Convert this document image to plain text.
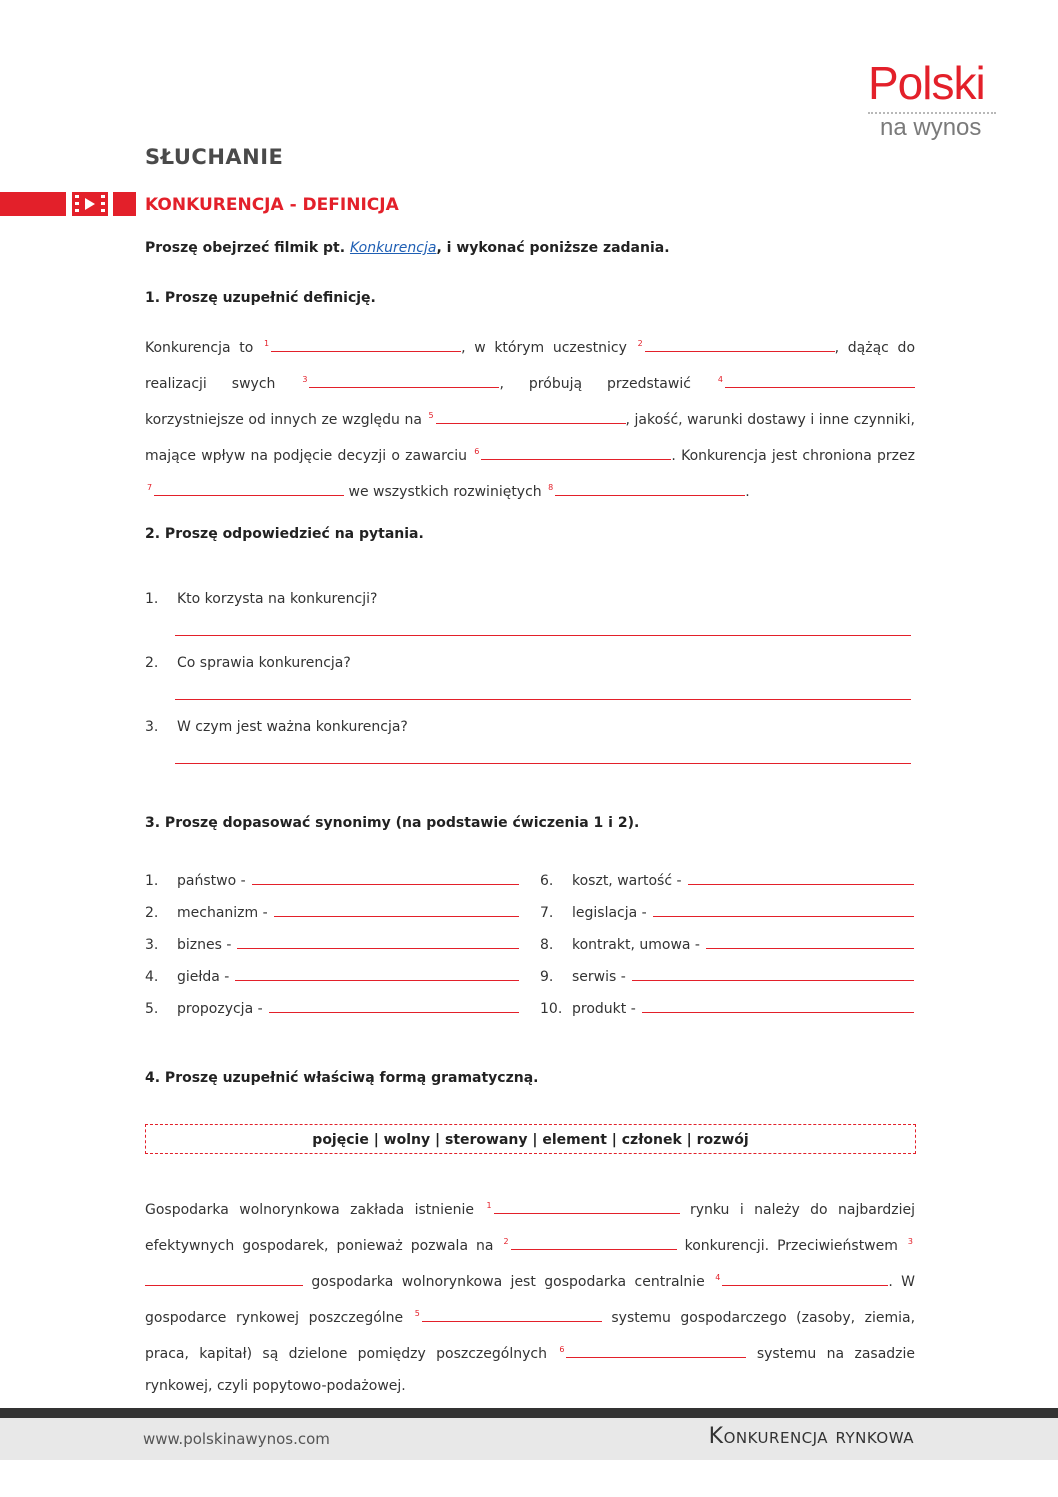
Polski
na wynos
SŁUCHANIE
KONKURENCJA - DEFINICJA
Proszę obejrzeć filmik pt. Konkurencja, i wykonać poniższe zadania.
1. Proszę uzupełnić definicję.
Konkurencja to $^1$	, w którym uczestnicy $^2$	, dążąc do realizacji swych	$^3$	, próbują przedstawić	$^4$ korzystniejsze od innych ze względu na $^5$	, jakość, warunki dostawy i inne czynniki, mające wpływ na podjęcie decyzji o zawarciu $^6$	. Konkurencja jest chroniona przez $^7$	we wszystkich rozwiniętych $^8$	.
2. Proszę odpowiedzieć na pytania.
1. Kto korzysta na konkurencji?
2. Co sprawia konkurencja?
3. W czym jest ważna konkurencja?
3. Proszę dopasować synonimy (na podstawie ćwiczenia 1 i 2).
1.	państwo -
2.	mechanizm -
3.	biznes -
4.	giełda -
5.	propozycja -
6.	koszt, wartość -
7.	legislacja -
8.	kontrakt, umowa -
9.	serwis -
10. produkt -
4. Proszę uzupełnić właściwą formą gramatyczną.
pojęcie | wolny | sterowany | element | członek | rozwój
Gospodarka wolnorynkowa zakłada istnienie $^1$	rynku i należy do najbardziej efektywnych gospodarek, ponieważ pozwala na $^2$	konkurencji. Przeciwieństwem $^3$ gospodarka wolnorynkowa jest gospodarka centralnie $^4$	. W gospodarce rynkowej poszczególne $^5$	systemu gospodarczego (zasoby, ziemia, praca, kapitał) są dzielone pomiędzy poszczególnych $^6$	systemu na zasadzie rynkowej, czyli popytowo-podażowej.
www.polskinawynos.com	Konkurencja rynkowa
